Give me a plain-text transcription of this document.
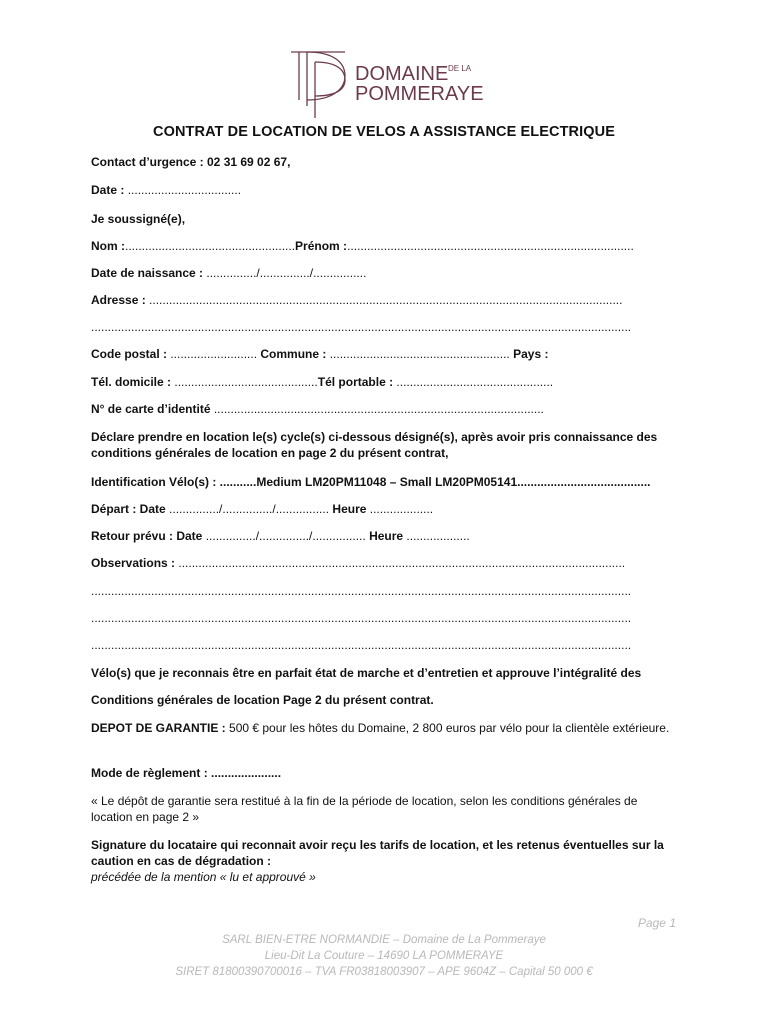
DOMAINE DE LA
POMMERAYE
CONTRAT DE LOCATION DE VELOS A ASSISTANCE ELECTRIQUE
Contact d’urgence : 02 31 69 02 67,
Date : ..................................
Je soussigné(e),
Nom :...................................................Prénom :......................................................................................
Date de naissance : .............../.............../................
Adresse : ..............................................................................................................................................
..................................................................................................................................................................
Code postal : .......................... Commune : ...................................................... Pays :
Tél. domicile : ...........................................Tél portable : ...............................................
N° de carte d’identité ...................................................................................................
Déclare prendre en location le(s) cycle(s) ci-dessous désigné(s), après avoir pris connaissance des conditions générales de location en page 2 du présent contrat,
Identification Vélo(s) : ...........Medium LM20PM11048 – Small LM20PM05141........................................
Départ : Date .............../.............../................ Heure ...................
Retour prévu : Date .............../.............../................ Heure ...................
Observations : ......................................................................................................................................
..................................................................................................................................................................
..................................................................................................................................................................
..................................................................................................................................................................
Vélo(s) que je reconnais être en parfait état de marche et d’entretien et approuve l’intégralité des
Conditions générales de location Page 2 du présent contrat.
DEPOT DE GARANTIE : 500 € pour les hôtes du Domaine, 2 800 euros par vélo pour la clientèle extérieure.
Mode de règlement : .....................
« Le dépôt de garantie sera restitué à la fin de la période de location, selon les conditions générales de location en page 2 »
Signature du locataire qui reconnait avoir reçu les tarifs de location, et les retenus éventuelles sur la caution en cas de dégradation :
précédée de la mention « lu et approuvé »
Page 1
SARL BIEN-ETRE NORMANDIE – Domaine de La Pommeraye
Lieu-Dit La Couture – 14690 LA POMMERAYE
SIRET 81800390700016 – TVA FR03818003907 – APE 9604Z – Capital 50 000 €
